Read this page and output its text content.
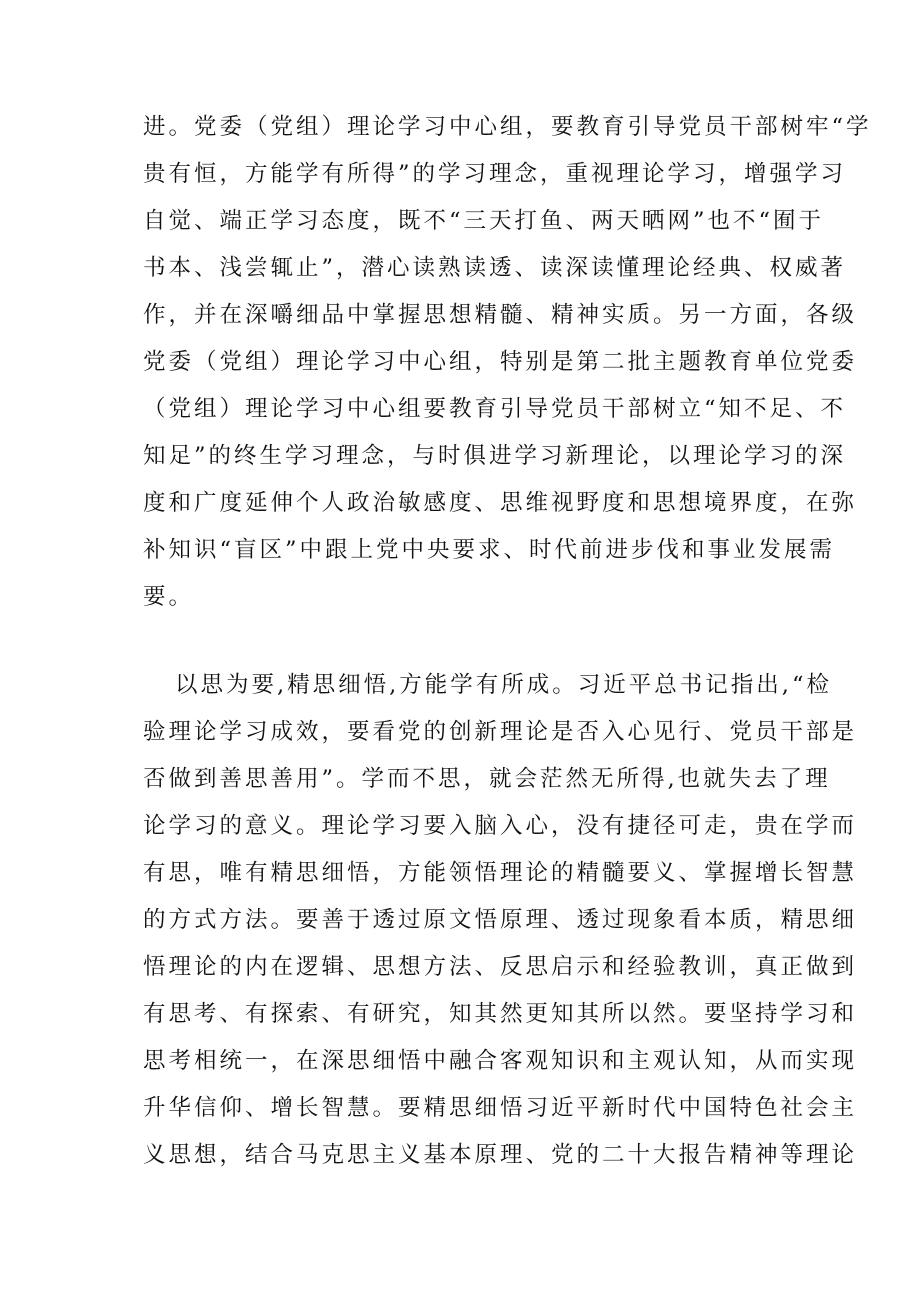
进。党委（党组）理论学习中心组，要教育引导党员干部树牢“学
贵有恒，方能学有所得”的学习理念，重视理论学习，增强学习
自觉、端正学习态度，既不“三天打鱼、两天晒网”也不“囿于
书本、浅尝辄止”，潜心读熟读透、读深读懂理论经典、权威著
作，并在深嚼细品中掌握思想精髓、精神实质。另一方面，各级
党委（党组）理论学习中心组，特别是第二批主题教育单位党委
（党组）理论学习中心组要教育引导党员干部树立“知不足、不
知足”的终生学习理念，与时俱进学习新理论，以理论学习的深
度和广度延伸个人政治敏感度、思维视野度和思想境界度，在弥
补知识“盲区”中跟上党中央要求、时代前进步伐和事业发展需
要。
以思为要,精思细悟,方能学有所成。习近平总书记指出,“检
验理论学习成效，要看党的创新理论是否入心见行、党员干部是
否做到善思善用”。学而不思，就会茫然无所得,也就失去了理
论学习的意义。理论学习要入脑入心，没有捷径可走，贵在学而
有思，唯有精思细悟，方能领悟理论的精髓要义、掌握增长智慧
的方式方法。要善于透过原文悟原理、透过现象看本质，精思细
悟理论的内在逻辑、思想方法、反思启示和经验教训，真正做到
有思考、有探索、有研究，知其然更知其所以然。要坚持学习和
思考相统一，在深思细悟中融合客观知识和主观认知，从而实现
升华信仰、增长智慧。要精思细悟习近平新时代中国特色社会主
义思想，结合马克思主义基本原理、党的二十大报告精神等理论
